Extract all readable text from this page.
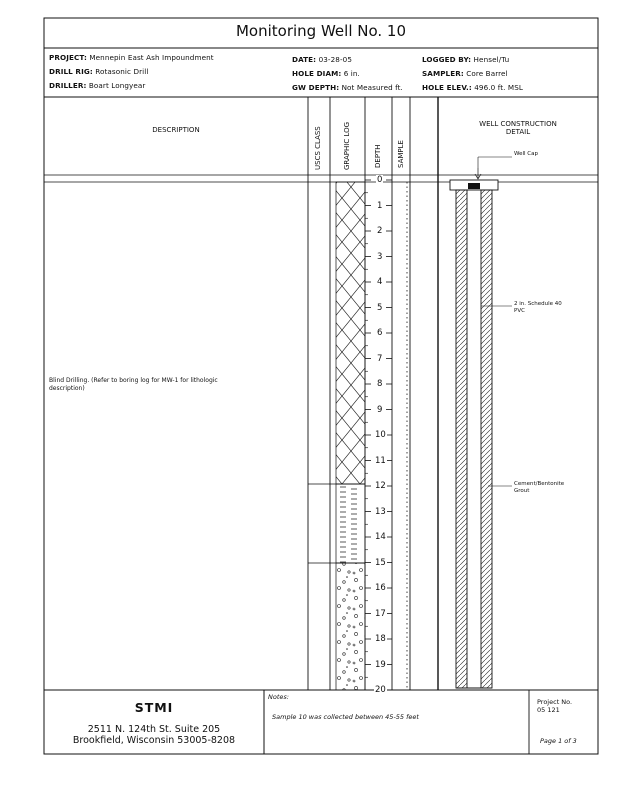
Monitoring Well No. 10
PROJECT: Mennepin East Ash Impoundment
DRILL RIG: Rotasonic Drill
DRILLER: Boart Longyear
DATE: 03-28-05
HOLE DIAM: 6 in.
GW DEPTH: Not Measured ft.
LOGGED BY: Hensel/Tu
SAMPLER: Core Barrel
HOLE ELEV.: 496.0 ft. MSL
DESCRIPTION	USCS CLASS	GRAPHIC LOG	DEPTH SAMPLE
WELL CONSTRUCTION
DETAIL
Blind Drilling. (Refer to boring log for MW-1 for lithologic
description)
0
1
2
3
4
5
6
7
8
9
10
11
12
13
14
15
16
17
18
19
20
Well Cap
2 in. Schedule 40
PVC
Cement/Bentonite
Grout
STMI
2511 N. 124th St. Suite 205
Brookfield, Wisconsin 53005-8208
Notes:
Sample 10 was collected between 45-55 feet
Project No.
05 121
Page 1 of 3
